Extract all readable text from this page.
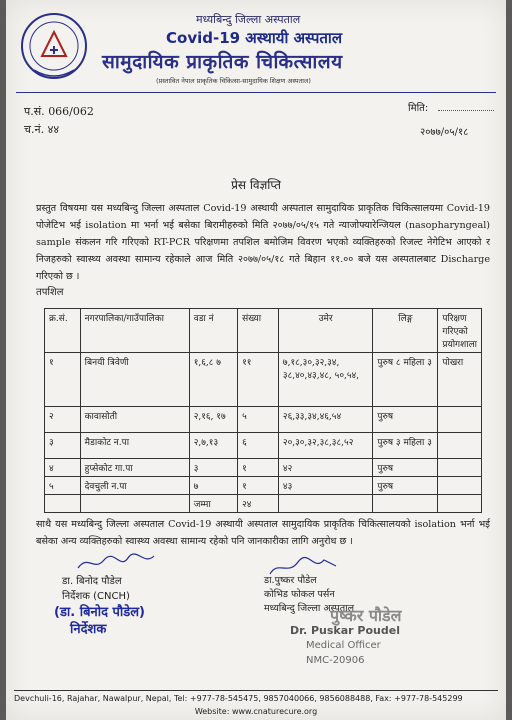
मध्यबिन्दु जिल्ला अस्पताल
Covid-19 अस्थायी अस्पताल
सामुदायिक प्राकृतिक चिकित्सालय
(प्रस्तावित नेपाल प्राकृतिक चिकित्सा-सामुदायिक शिक्षण अस्पताल)
प.सं. 066/062
च.नं. ४४
मिति:
२०७७/०५/१८
प्रेस विज्ञप्ति
प्रस्तुत विषयमा यस मध्यबिन्दु जिल्ला अस्पताल Covid-19 अस्थायी अस्पताल सामुदायिक प्राकृतिक चिकित्सालयमा Covid-19 पोजेटिभ भई isolation मा भर्ना भई बसेका बिरामीहरुको मिति २०७७/०५/१५ गते न्याजोफ्यारेन्जियल (nasopharyngeal) sample संकलन गरि गरिएको RT-PCR परिक्षणमा तपशिल बमोजिम विवरण भएको व्यक्तिहरुको रिजल्ट नेगेटिभ आएको र निजहरुको स्वास्थ्य अवस्था सामान्य रहेकाले आज मिति २०७७/०५/१८ गते बिहान ११.०० बजे यस अस्पतालबाट Discharge गरिएको छ ।
तपशिल
क्र.सं.	नगरपालिका/गाउँपालिका	वडा नं	संख्या	उमेर	लिङ्ग	परिक्षण गरिएको प्रयोगशाला
१	बिनयी त्रिवेणी	१,६,८ ७	११	७,१८,३०,३२,३४, ३८,४०,४३,४८, ५०,५४,	पुरुष ८ महिला ३	पोखरा
२	कावासोती	२,१६, १७	५	२६,३३,३४,४६,५४	पुरुष	
३	मैडाकोट न.पा	२,७,१३	६	२०,३०,३२,३८,३८,५२	पुरुष ३ महिला ३	
४	हुप्सेकोट गा.पा	३	१	४२	पुरुष	
५	देवचुली न.पा	७	१	४३	पुरुष	
		जम्मा	२४			
साथै यस मध्यबिन्दु जिल्ला अस्पताल Covid-19 अस्थायी अस्पताल सामुदायिक प्राकृतिक चिकित्सालयको isolation भर्ना भई बसेका अन्य व्यक्तिहरुको स्वास्थ्य अवस्था सामान्य रहेको पनि जानकारीका लागि अनुरोध छ ।
डा. बिनोद पौडेल
निर्देशक (CNCH)
(डा. बिनोद पौडेल)
निर्देशक
डा.पुष्कर पौडेल
कोभिड फोकल पर्सन
मध्यबिन्दु जिल्ला अस्पताल
पुष्कर पौडेल
Dr. Puskar Poudel
Medical Officer
NMC-20906
Devchuli-16, Rajahar, Nawalpur, Nepal, Tel: +977-78-545475, 9857040066, 9856088488, Fax: +977-78-545299
Website: www.cnaturecure.org
